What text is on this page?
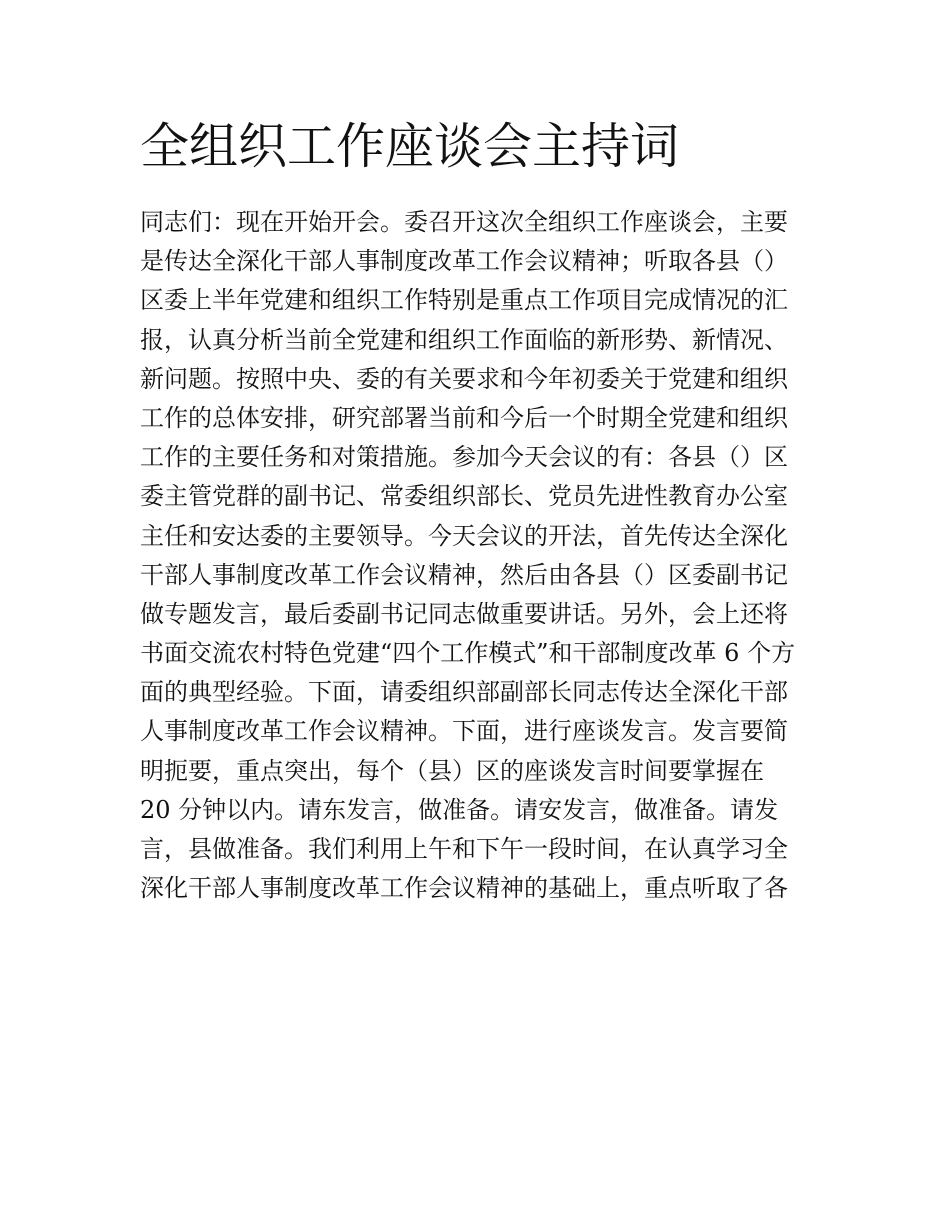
全组织工作座谈会主持词
同志们：现在开始开会。委召开这次全组织工作座谈会，主要
是传达全深化干部人事制度改革工作会议精神；听取各县（）
区委上半年党建和组织工作特别是重点工作项目完成情况的汇
报，认真分析当前全党建和组织工作面临的新形势、新情况、
新问题。按照中央、委的有关要求和今年初委关于党建和组织
工作的总体安排，研究部署当前和今后一个时期全党建和组织
工作的主要任务和对策措施。参加今天会议的有：各县（）区
委主管党群的副书记、常委组织部长、党员先进性教育办公室
主任和安达委的主要领导。今天会议的开法，首先传达全深化
干部人事制度改革工作会议精神，然后由各县（）区委副书记
做专题发言，最后委副书记同志做重要讲话。另外，会上还将
书面交流农村特色党建“四个工作模式”和干部制度改革 6 个方
面的典型经验。下面，请委组织部副部长同志传达全深化干部
人事制度改革工作会议精神。下面，进行座谈发言。发言要简
明扼要，重点突出，每个（县）区的座谈发言时间要掌握在
20 分钟以内。请东发言，做准备。请安发言，做准备。请发
言，县做准备。我们利用上午和下午一段时间，在认真学习全
深化干部人事制度改革工作会议精神的基础上，重点听取了各
